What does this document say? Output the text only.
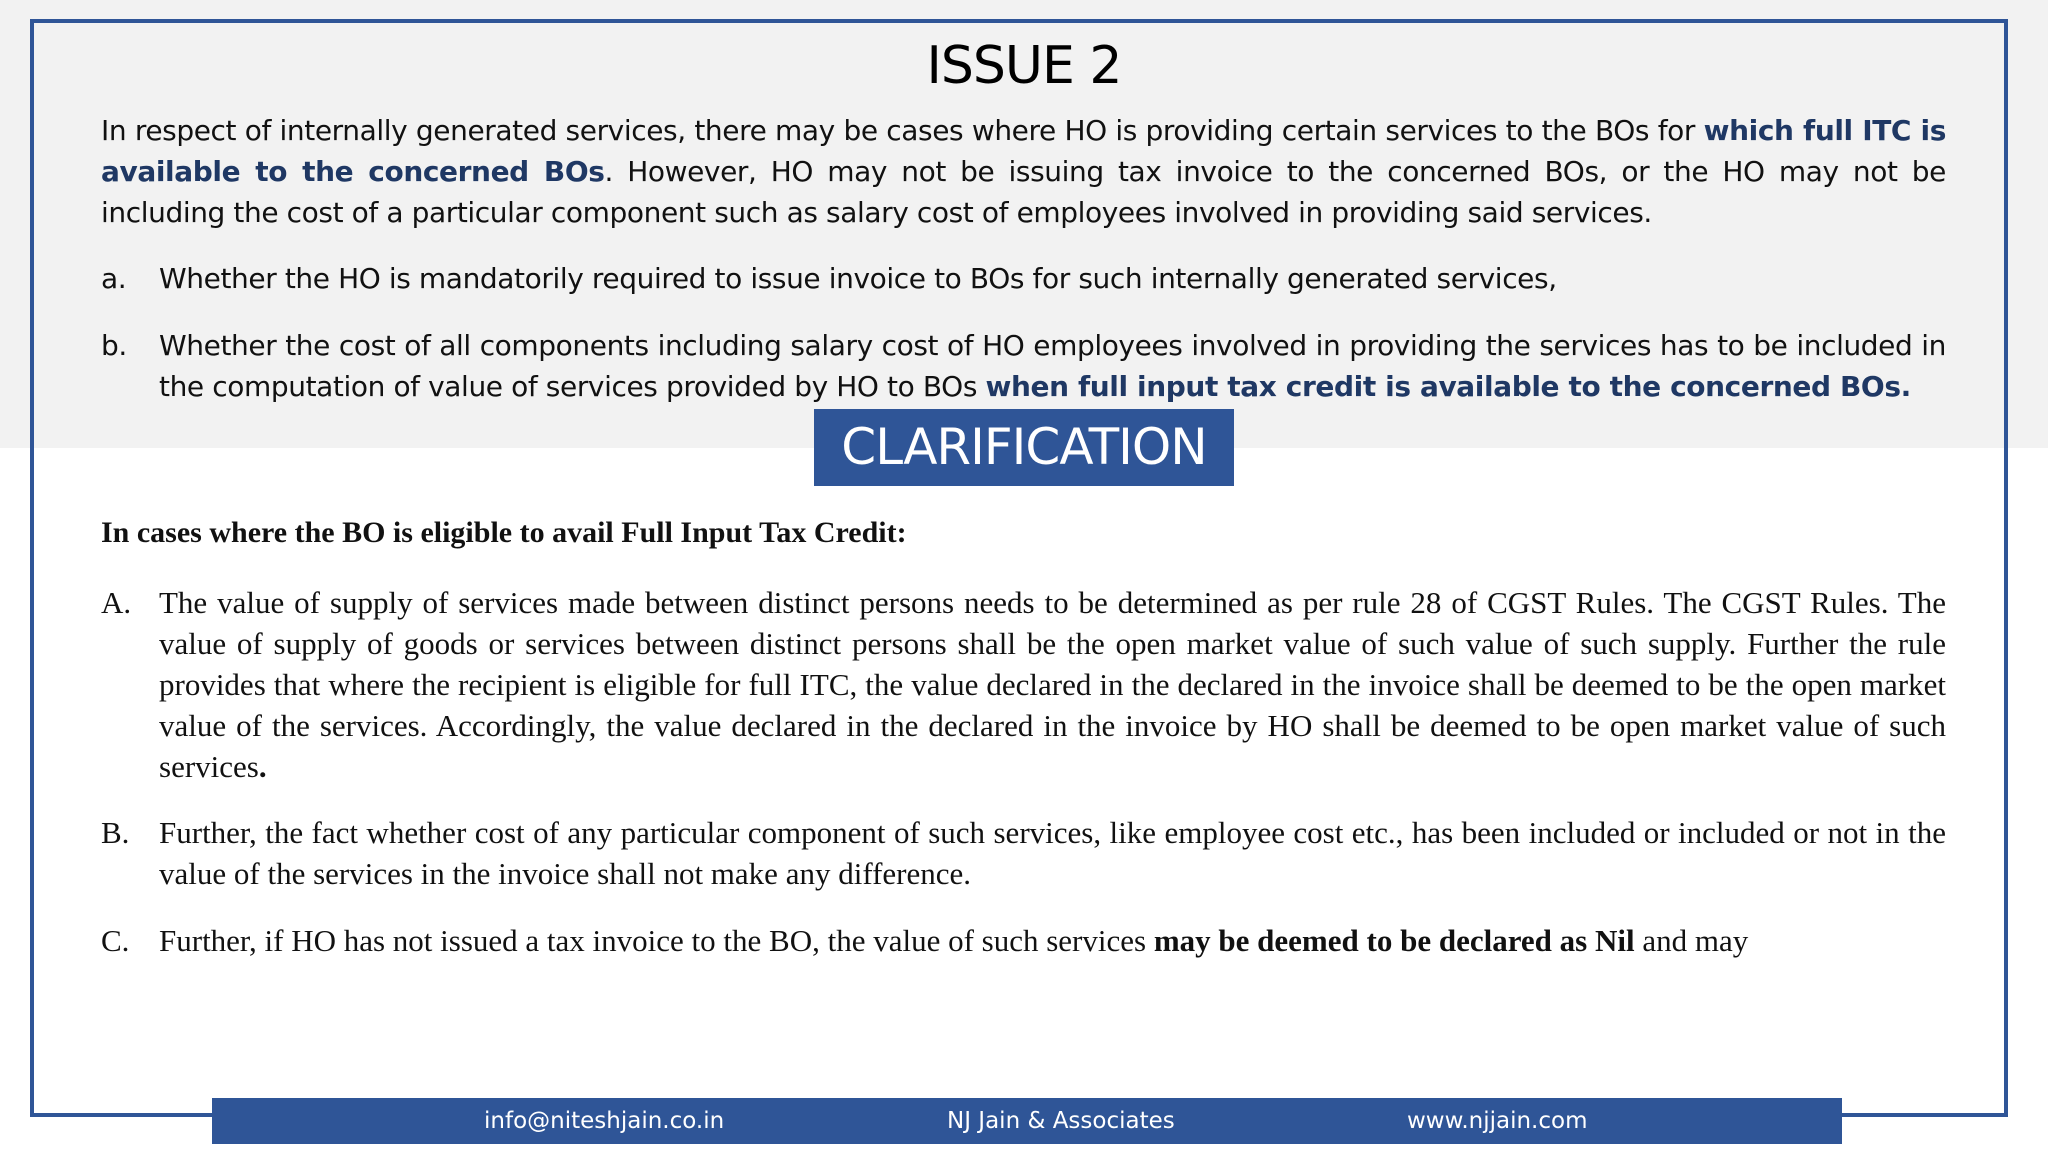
ISSUE 2

In respect of internally generated services, there may be cases where HO is providing certain services to the BOs for which full ITC is available to the concerned BOs. However, HO may not be issuing tax invoice to the concerned BOs, or the HO may not be including the cost of a particular component such as salary cost of employees involved in providing said services.

a. Whether the HO is mandatorily required to issue invoice to BOs for such internally generated services,

b. Whether the cost of all components including salary cost of HO employees involved in providing the services has to be included in the computation of value of services provided by HO to BOs when full input tax credit is available to the concerned BOs.

CLARIFICATION
In cases where the BO is eligible to avail Full Input Tax Credit:
A. The value of supply of services made between distinct persons needs to be determined as per rule 28 of CGST Rules. The CGST Rules. The value of supply of goods or services between distinct persons shall be the open market value of such value of such supply. Further the rule provides that where the recipient is eligible for full ITC, the value declared in the declared in the invoice shall be deemed to be the open market value of the services. Accordingly, the value declared in the declared in the invoice by HO shall be deemed to be open market value of such services.

B. Further, the fact whether cost of any particular component of such services, like employee cost etc., has been included or included or not in the value of the services in the invoice shall not make any difference.

C. Further, if HO has not issued a tax invoice to the BO, the value of such services may be deemed to be declared as Nil and may

info@niteshjain.co.in	NJ Jain & Associates	www.njjain.com
